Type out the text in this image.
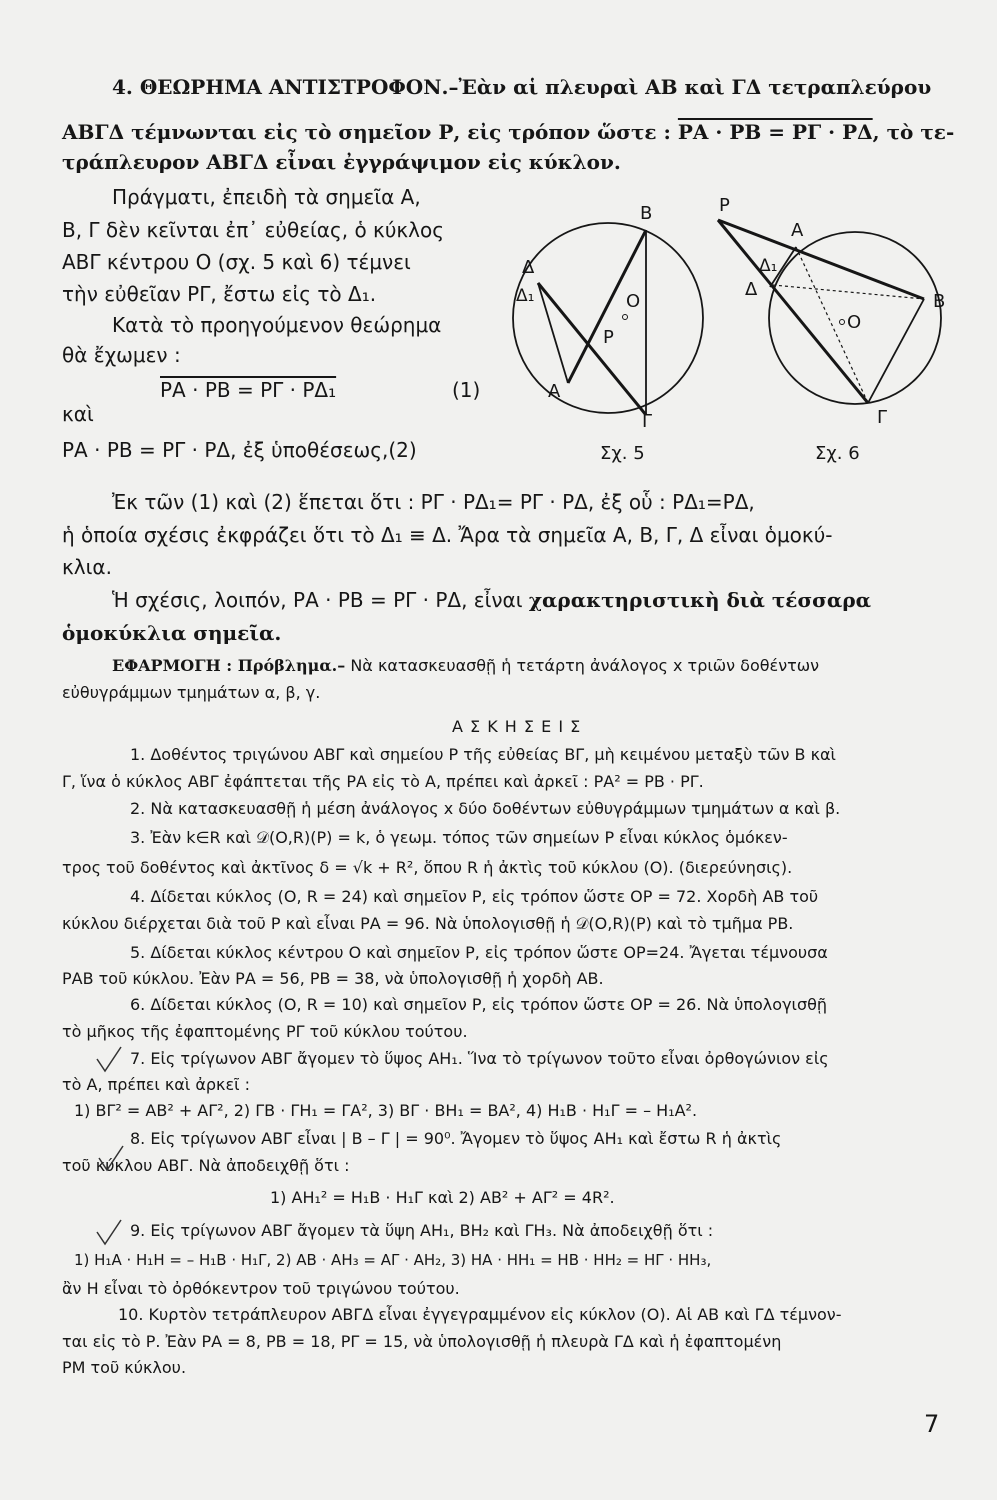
4. ΘΕΩΡΗΜΑ ΑΝΤΙΣΤΡΟΦΟΝ.–Ἐὰν αἱ πλευραὶ ΑΒ καὶ ΓΔ τετραπλεύρου
ΑΒΓΔ τέμνωνται εἰς τὸ σημεῖον Ρ, εἰς τρόπον ὥστε : ΡΑ · ΡΒ = ΡΓ · ΡΔ, τὸ τε-
τράπλευρον ΑΒΓΔ εἶναι ἐγγράψιμον εἰς κύκλον.
Πράγματι, ἐπειδὴ τὰ σημεῖα Α,
Β, Γ δὲν κεῖνται ἐπ᾿ εὐθείας, ὁ κύκλος
ΑΒΓ κέντρου Ο (σχ. 5 καὶ 6) τέμνει
τὴν εὐθεῖαν ΡΓ, ἔστω εἰς τὸ Δ₁.
Κατὰ τὸ προηγούμενον θεώρημα
θὰ ἔχωμεν :
ΡΑ · ΡΒ = ΡΓ · ΡΔ₁	(1)
καὶ
ΡΑ · ΡΒ = ΡΓ · ΡΔ, ἐξ ὑποθέσεως,(2)
Β
Δ
Δ₁	Ο
Ρ
Α
Γ
Σχ. 5
Ρ
Α
Δ₁
Δ
Ο
Β
Γ
Σχ. 6
Ἐκ τῶν (1) καὶ (2) ἕπεται ὅτι : ΡΓ · ΡΔ₁= ΡΓ · ΡΔ, ἐξ οὗ : ΡΔ₁=ΡΔ,
ἡ ὁποία σχέσις ἐκφράζει ὅτι τὸ Δ₁ ≡ Δ. Ἄρα τὰ σημεῖα Α, Β, Γ, Δ εἶναι ὁμοκύ-
κλια.
Ἡ σχέσις, λοιπόν, ΡΑ · ΡΒ = ΡΓ · ΡΔ, εἶναι χαρακτηριστικὴ διὰ τέσσαρα
ὁμοκύκλια σημεῖα.
ΕΦΑΡΜΟΓΗ : Πρόβλημα.– Νὰ κατασκευασθῇ ἡ τετάρτη ἀνάλογος x τριῶν δοθέντων
εὐθυγράμμων τμημάτων α, β, γ.
Α Σ Κ Η Σ Ε Ι Σ
1. Δοθέντος τριγώνου ΑΒΓ καὶ σημείου Ρ τῆς εὐθείας ΒΓ, μὴ κειμένου μεταξὺ τῶν Β καὶ
Γ, ἵνα ὁ κύκλος ΑΒΓ ἐφάπτεται τῆς ΡΑ εἰς τὸ Α, πρέπει καὶ ἀρκεῖ : ΡΑ² = ΡΒ · ΡΓ.
2. Νὰ κατασκευασθῇ ἡ μέση ἀνάλογος x δύο δοθέντων εὐθυγράμμων τμημάτων α καὶ β.
3. Ἐὰν k∈R καὶ 𝒟(O,R)(P) = k, ὁ γεωμ. τόπος τῶν σημείων Ρ εἶναι κύκλος ὁμόκεν-
τρος τοῦ δοθέντος καὶ ἀκτῖνος δ = √k + R², ὅπου R ἡ ἀκτὶς τοῦ κύκλου (Ο). (διερεύνησις).
4. Δίδεται κύκλος (Ο, R = 24) καὶ σημεῖον Ρ, εἰς τρόπον ὥστε ΟΡ = 72. Χορδὴ ΑΒ τοῦ
κύκλου διέρχεται διὰ τοῦ Ρ καὶ εἶναι ΡΑ = 96. Νὰ ὑπολογισθῇ ἡ 𝒟(O,R)(P) καὶ τὸ τμῆμα ΡΒ.
5. Δίδεται κύκλος κέντρου Ο καὶ σημεῖον Ρ, εἰς τρόπον ὥστε ΟΡ=24. Ἄγεται τέμνουσα
ΡΑΒ τοῦ κύκλου. Ἐὰν ΡΑ = 56, ΡΒ = 38, νὰ ὑπολογισθῇ ἡ χορδὴ ΑΒ.
6. Δίδεται κύκλος (Ο, R = 10) καὶ σημεῖον Ρ, εἰς τρόπον ὥστε ΟΡ = 26. Νὰ ὑπολογισθῇ
τὸ μῆκος τῆς ἐφαπτομένης ΡΓ τοῦ κύκλου τούτου.
7. Εἰς τρίγωνον ΑΒΓ ἄγομεν τὸ ὕψος ΑΗ₁. Ἵνα τὸ τρίγωνον τοῦτο εἶναι ὀρθογώνιον εἰς
τὸ Α, πρέπει καὶ ἀρκεῖ :
1) ΒΓ² = ΑΒ² + ΑΓ², 2) ΓΒ · ΓΗ₁ = ΓΑ², 3) ΒΓ · ΒΗ₁ = ΒΑ², 4) Η₁Β · Η₁Γ = – Η₁Α².
8. Εἰς τρίγωνον ΑΒΓ εἶναι | Β – Γ | = 90⁰. Ἄγομεν τὸ ὕψος ΑΗ₁ καὶ ἔστω R ἡ ἀκτὶς
τοῦ κύκλου ΑΒΓ. Νὰ ἀποδειχθῇ ὅτι :
1) ΑΗ₁² = Η₁Β · Η₁Γ καὶ 2) ΑΒ² + ΑΓ² = 4R².
9. Εἰς τρίγωνον ΑΒΓ ἄγομεν τὰ ὕψη ΑΗ₁, ΒΗ₂ καὶ ΓΗ₃. Νὰ ἀποδειχθῇ ὅτι :
1) Η₁Α · Η₁Η = – Η₁Β · Η₁Γ, 2) ΑΒ · ΑΗ₃ = ΑΓ · ΑΗ₂, 3) ΗΑ · ΗΗ₁ = ΗΒ · ΗΗ₂ = ΗΓ · ΗΗ₃,
ἂν Η εἶναι τὸ ὀρθόκεντρον τοῦ τριγώνου τούτου.
10. Κυρτὸν τετράπλευρον ΑΒΓΔ εἶναι ἐγγεγραμμένον εἰς κύκλον (Ο). Αἱ ΑΒ καὶ ΓΔ τέμνον-
ται εἰς τὸ Ρ. Ἐὰν ΡΑ = 8, ΡΒ = 18, ΡΓ = 15, νὰ ὑπολογισθῇ ἡ πλευρὰ ΓΔ καὶ ἡ ἐφαπτομένη
ΡΜ τοῦ κύκλου.
7
